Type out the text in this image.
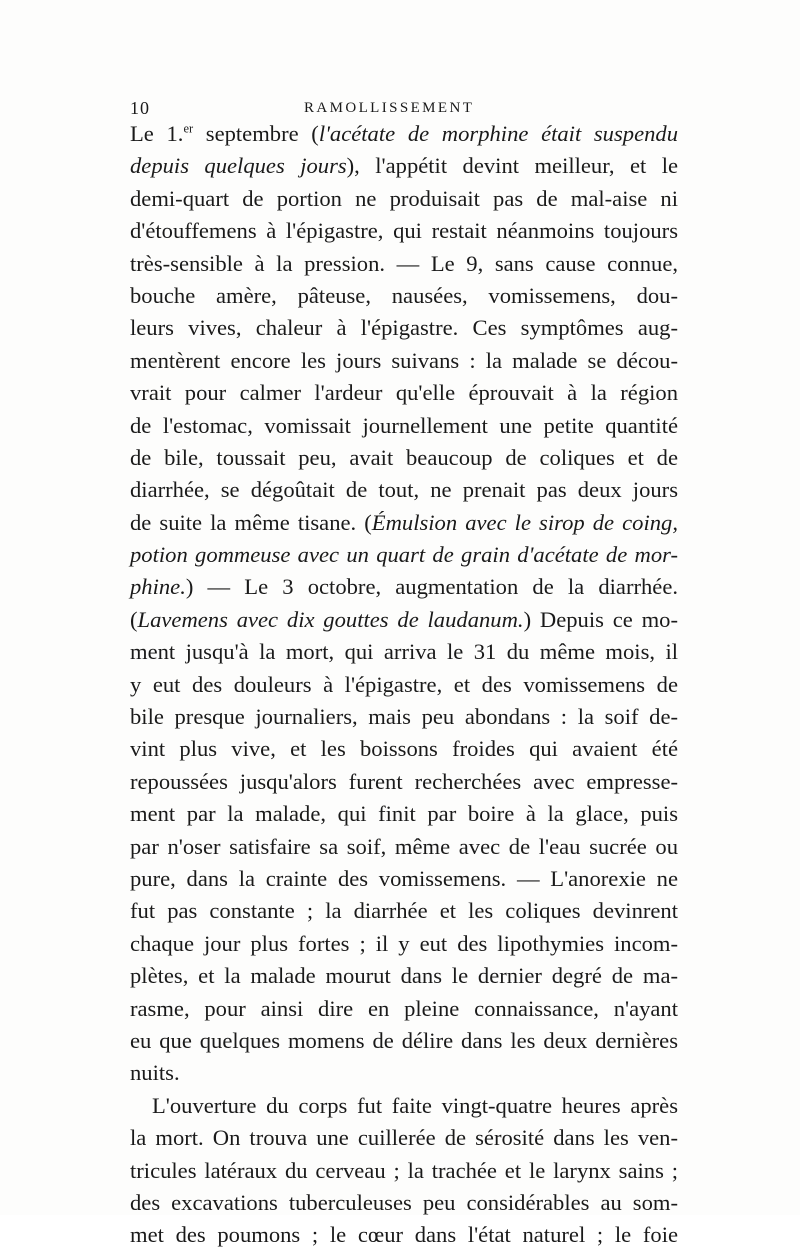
10	RAMOLLISSEMENT
Le 1.$^{er}$ septembre (l'acétate de morphine était suspendu
depuis quelques jours), l'appétit devint meilleur, et le
demi-quart de portion ne produisait pas de mal-aise ni
d'étouffemens à l'épigastre, qui restait néanmoins toujours
très-sensible à la pression. — Le 9, sans cause connue,
bouche amère, pâteuse, nausées, vomissemens, dou-
leurs vives, chaleur à l'épigastre. Ces symptômes aug-
mentèrent encore les jours suivans : la malade se décou-
vrait pour calmer l'ardeur qu'elle éprouvait à la région
de l'estomac, vomissait journellement une petite quantité
de bile, toussait peu, avait beaucoup de coliques et de
diarrhée, se dégoûtait de tout, ne prenait pas deux jours
de suite la même tisane. (Émulsion avec le sirop de coing,
potion gommeuse avec un quart de grain d'acétate de mor-
phine.) — Le 3 octobre, augmentation de la diarrhée.
(Lavemens avec dix gouttes de laudanum.) Depuis ce mo-
ment jusqu'à la mort, qui arriva le 31 du même mois, il
y eut des douleurs à l'épigastre, et des vomissemens de
bile presque journaliers, mais peu abondans : la soif de-
vint plus vive, et les boissons froides qui avaient été
repoussées jusqu'alors furent recherchées avec empresse-
ment par la malade, qui finit par boire à la glace, puis
par n'oser satisfaire sa soif, même avec de l'eau sucrée ou
pure, dans la crainte des vomissemens. — L'anorexie ne
fut pas constante ; la diarrhée et les coliques devinrent
chaque jour plus fortes ; il y eut des lipothymies incom-
plètes, et la malade mourut dans le dernier degré de ma-
rasme, pour ainsi dire en pleine connaissance, n'ayant
eu que quelques momens de délire dans les deux dernières
nuits.
L'ouverture du corps fut faite vingt-quatre heures après
la mort. On trouva une cuillerée de sérosité dans les ven-
tricules latéraux du cerveau ; la trachée et le larynx sains ;
des excavations tuberculeuses peu considérables au som-
met des poumons ; le cœur dans l'état naturel ; le foie
